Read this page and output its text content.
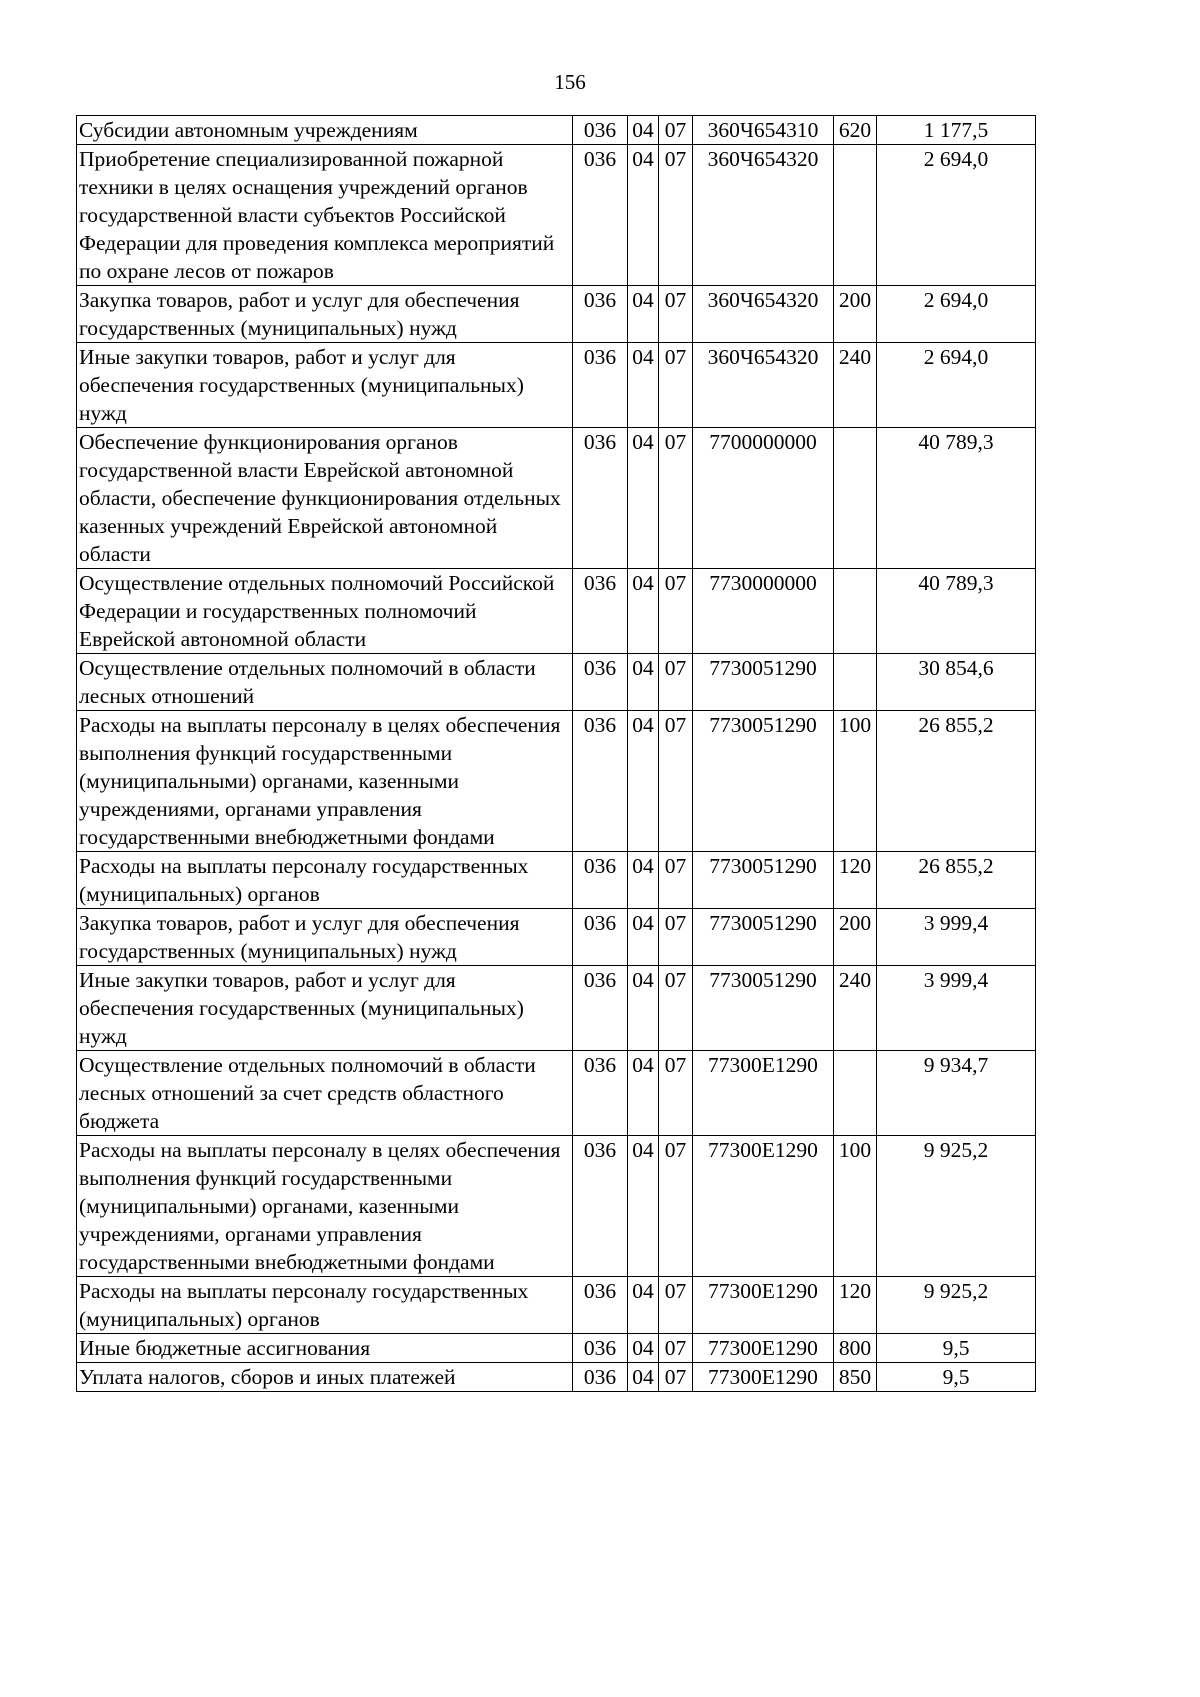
156
Субсидии автономным учреждениям	036	04	07	360Ч654310	620	1 177,5
Приобретение специализированной пожарной техники в целях оснащения учреждений органов государственной власти субъектов Российской Федерации для проведения комплекса мероприятий по охране лесов от пожаров	036	04	07	360Ч654320		2 694,0
Закупка товаров, работ и услуг для обеспечения государственных (муниципальных) нужд	036	04	07	360Ч654320	200	2 694,0
Иные закупки товаров, работ и услуг для обеспечения государственных (муниципальных) нужд	036	04	07	360Ч654320	240	2 694,0
Обеспечение функционирования органов государственной власти Еврейской автономной области, обеспечение функционирования отдельных казенных учреждений Еврейской автономной области	036	04	07	7700000000		40 789,3
Осуществление отдельных полномочий Российской Федерации и государственных полномочий Еврейской автономной области	036	04	07	7730000000		40 789,3
Осуществление отдельных полномочий в области лесных отношений	036	04	07	7730051290		30 854,6
Расходы на выплаты персоналу в целях обеспечения выполнения функций государственными (муниципальными) органами, казенными учреждениями, органами управления государственными внебюджетными фондами	036	04	07	7730051290	100	26 855,2
Расходы на выплаты персоналу государственных (муниципальных) органов	036	04	07	7730051290	120	26 855,2
Закупка товаров, работ и услуг для обеспечения государственных (муниципальных) нужд	036	04	07	7730051290	200	3 999,4
Иные закупки товаров, работ и услуг для обеспечения государственных (муниципальных) нужд	036	04	07	7730051290	240	3 999,4
Осуществление отдельных полномочий в области лесных отношений за счет средств областного бюджета	036	04	07	77300Е1290		9 934,7
Расходы на выплаты персоналу в целях обеспечения выполнения функций государственными (муниципальными) органами, казенными учреждениями, органами управления государственными внебюджетными фондами	036	04	07	77300Е1290	100	9 925,2
Расходы на выплаты персоналу государственных (муниципальных) органов	036	04	07	77300Е1290	120	9 925,2
Иные бюджетные ассигнования	036	04	07	77300Е1290	800	9,5
Уплата налогов, сборов и иных платежей	036	04	07	77300Е1290	850	9,5
